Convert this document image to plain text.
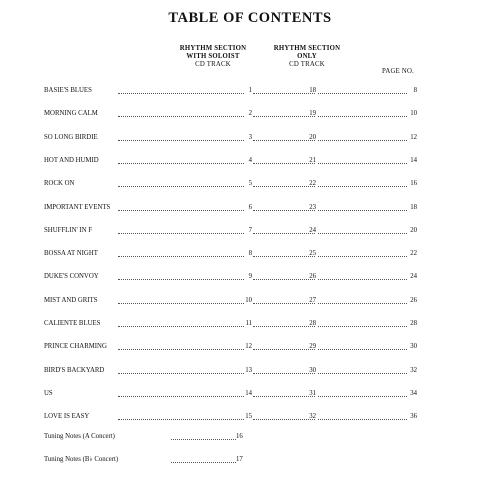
TABLE OF CONTENTS
RHYTHM SECTION
WITH SOLOIST
CD TRACK
RHYTHM SECTION
ONLY
CD TRACK
PAGE NO.
BASIE'S BLUES	1	18	8
MORNING CALM	2	19	10
SO LONG BIRDIE	3	20	12
HOT AND HUMID	4	21	14
ROCK ON	5	22	16
IMPORTANT EVENTS	6	23	18
SHUFFLIN' IN F	7	24	20
BOSSA AT NIGHT	8	25	22
DUKE'S CONVOY	9	26	24
MIST AND GRITS	10	27	26
CALIENTE BLUES	11	28	28
PRINCE CHARMING	12	29	30
BIRD'S BACKYARD	13	30	32
US	14	31	34
LOVE IS EASY	15	32	36
Tuning Notes (A Concert)	16
Tuning Notes (B♭ Concert)	17
